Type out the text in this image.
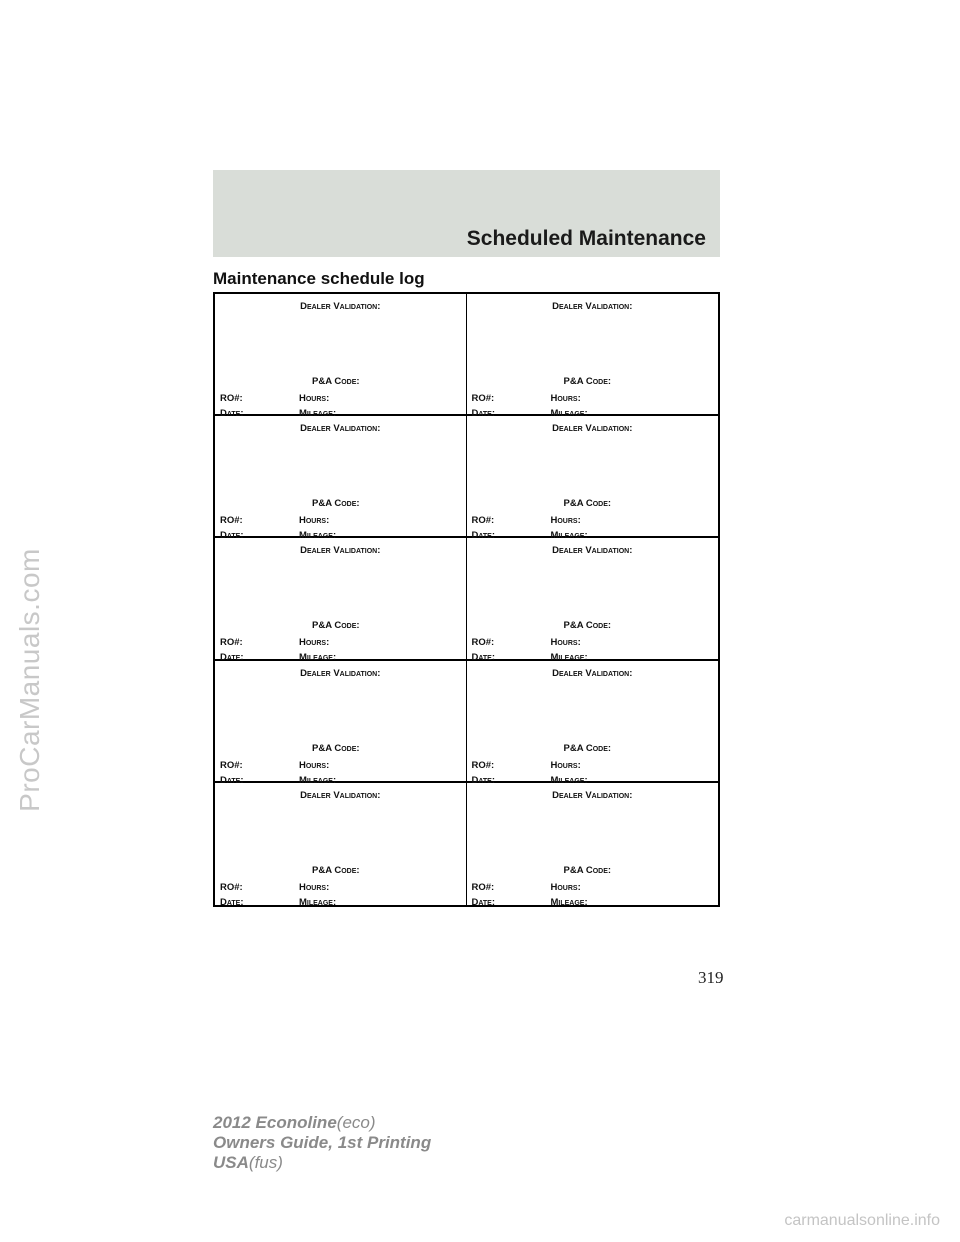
ProCarManuals.com
Scheduled Maintenance
Maintenance schedule log
Dealer Validation:
P&A Code:
RO#:	Hours:
Date:	Mileage:
Dealer Validation:
P&A Code:
RO#:	Hours:
Date:	Mileage:
Dealer Validation:
P&A Code:
RO#:	Hours:
Date:	Mileage:
Dealer Validation:
P&A Code:
RO#:	Hours:
Date:	Mileage:
Dealer Validation:
P&A Code:
RO#:	Hours:
Date:	Mileage:
Dealer Validation:
P&A Code:
RO#:	Hours:
Date:	Mileage:
Dealer Validation:
P&A Code:
RO#:	Hours:
Date:	Mileage:
Dealer Validation:
P&A Code:
RO#:	Hours:
Date:	Mileage:
Dealer Validation:
P&A Code:
RO#:	Hours:
Date:	Mileage:
Dealer Validation:
P&A Code:
RO#:	Hours:
Date:	Mileage:
319
2012 Econoline(eco)
Owners Guide, 1st Printing
USA(fus)
carmanualsonline.info
